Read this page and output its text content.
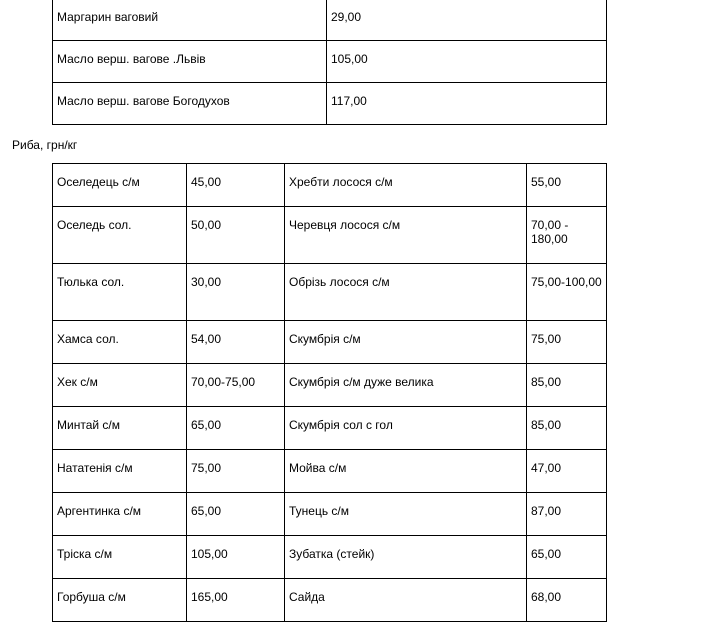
Маргарин ваговий	29,00
Масло верш. вагове .Львів	105,00
Масло верш. вагове Богодухов	117,00
Риба, грн/кг
Оселедець с/м	45,00	Хребти лосося с/м	55,00
Оселедь сол.	50,00	Черевця лосося с/м	70,00 - 180,00
Тюлька сол.	30,00	Обрізь лосося с/м	75,00-100,00
Хамса сол.	54,00	Скумбрія с/м	75,00
Хек с/м	70,00-75,00	Скумбрія с/м дуже велика	85,00
Минтай с/м	65,00	Скумбрія сол с гол	85,00
Нататенія с/м	75,00	Мойва с/м	47,00
Аргентинка с/м	65,00	Тунець с/м	87,00
Тріска с/м	105,00	Зубатка (стейк)	65,00
Горбуша с/м	165,00	Сайда	68,00
